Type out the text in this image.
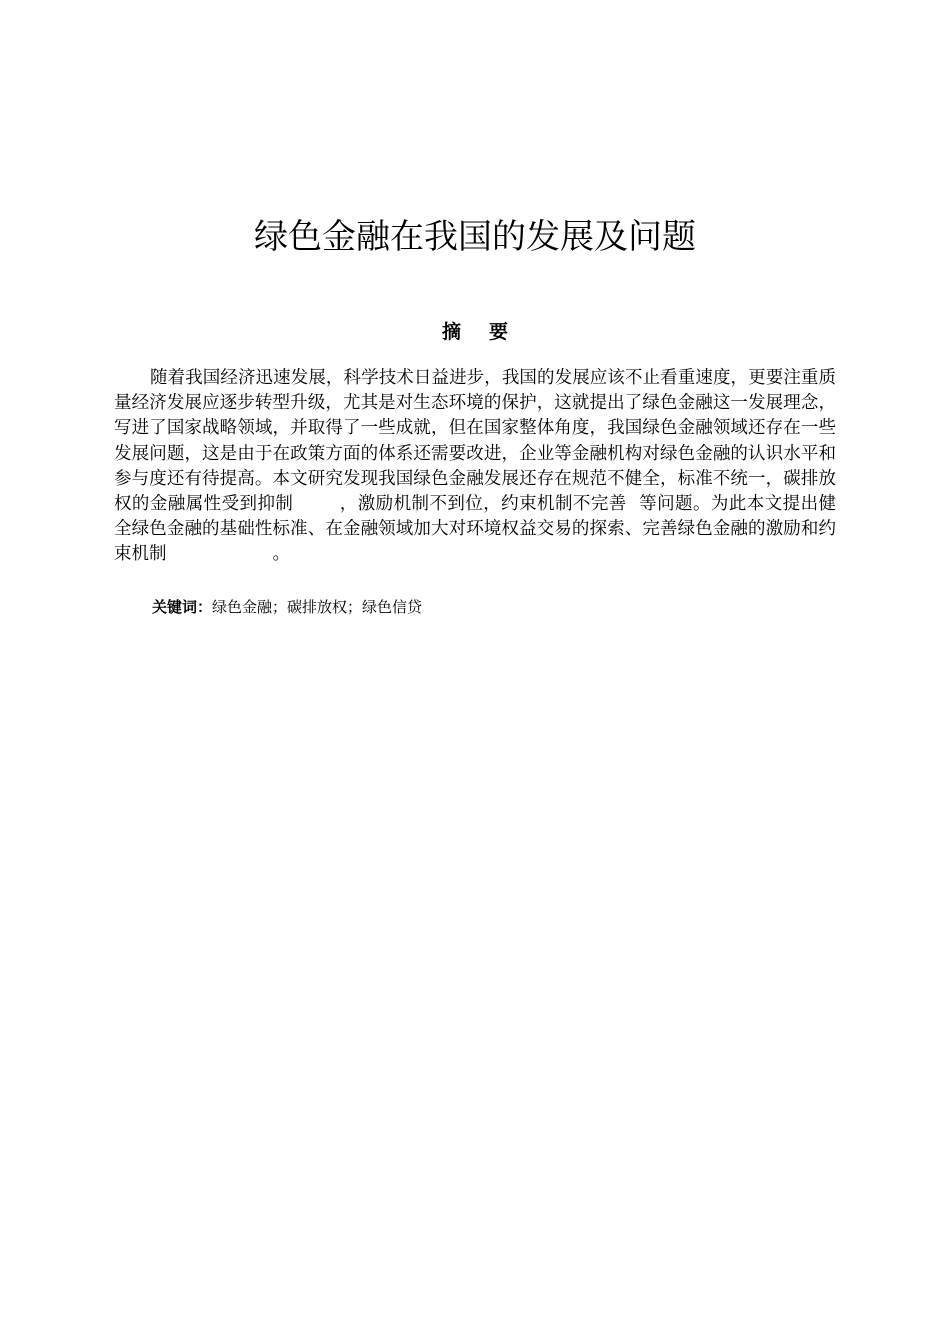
绿色金融在我国的发展及问题
摘 要

随着我国经济迅速发展，科学技术日益进步，我国的发展应该不止看重速度，更要注重质量经济发展应逐步转型升级，尤其是对生态环境的保护，这就提出了绿色金融这一发展理念，写进了国家战略领域，并取得了一些成就，但在国家整体角度，我国绿色金融领域还存在一些发展问题，这是由于在政策方面的体系还需要改进，企业等金融机构对绿色金融的认识水平和参与度还有待提高。本文研究发现我国绿色金融发展还存在规范不健全，标准不统一，碳排放权的金融属性受到抑制	，激励机制不到位，约束机制不完善 等问题。为此本文提出健全绿色金融的基础性标准、在金融领域加大对环境权益交易的探索、完善绿色金融的激励和约束机制	。

关键词：绿色金融；碳排放权；绿色信贷
